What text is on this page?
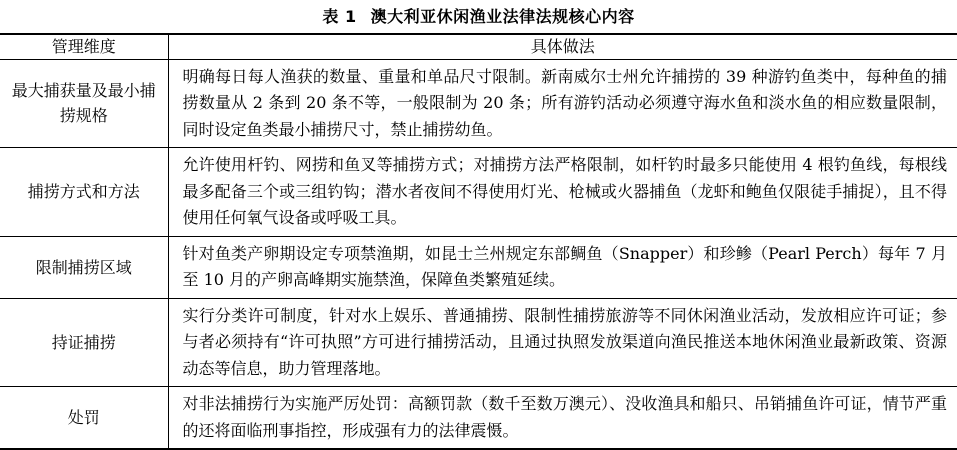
表 1 澳大利亚休闲渔业法律法规核心内容
管理维度	具体做法
最大捕获量及最小捕捞规格	明确每日每人渔获的数量、重量和单品尺寸限制。新南威尔士州允许捕捞的 39 种游钓鱼类中，每种鱼的捕捞数量从 2 条到 20 条不等，一般限制为 20 条；所有游钓活动必须遵守海水鱼和淡水鱼的相应数量限制，同时设定鱼类最小捕捞尺寸，禁止捕捞幼鱼。
捕捞方式和方法	允许使用杆钓、网捞和鱼叉等捕捞方式；对捕捞方法严格限制，如杆钓时最多只能使用 4 根钓鱼线，每根线最多配备三个或三组钓钩；潜水者夜间不得使用灯光、枪械或火器捕鱼（龙虾和鲍鱼仅限徒手捕捉），且不得使用任何氧气设备或呼吸工具。
限制捕捞区域	针对鱼类产卵期设定专项禁渔期，如昆士兰州规定东部鲷鱼（Snapper）和珍鲹（Pearl Perch）每年 7 月至 10 月的产卵高峰期实施禁渔，保障鱼类繁殖延续。
持证捕捞	实行分类许可制度，针对水上娱乐、普通捕捞、限制性捕捞旅游等不同休闲渔业活动，发放相应许可证；参与者必须持有“许可执照”方可进行捕捞活动，且通过执照发放渠道向渔民推送本地休闲渔业最新政策、资源动态等信息，助力管理落地。
处罚	对非法捕捞行为实施严厉处罚：高额罚款（数千至数万澳元）、没收渔具和船只、吊销捕鱼许可证，情节严重的还将面临刑事指控，形成强有力的法律震慑。
